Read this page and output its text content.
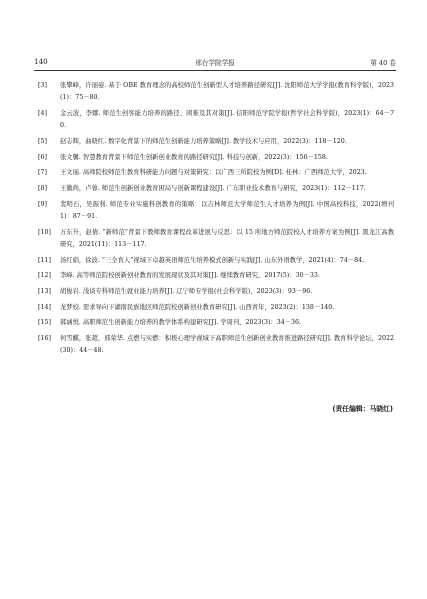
140	邢台学院学报	第 40 卷
[3] 张攀峰，许丽姿. 基于 OBE 教育理念的高校师范生创新型人才培养路径研究[J]. 沈阳师范大学学报(教育科学版)，2023(1)：75－80.
[4] 金云波，李娜. 师范生创客能力培养的路径、困难及其对策[J]. 信阳师范学院学报(哲学社会科学版)，2023(1)：64－70.
[5] 赵志辉，曲晓红. 数字化背景下的师范生创新能力培养策略[J]. 教学技术与应用，2022(3)：118－120.
[6] 张文馨. 智慧教育背景下师范生创新创业教育的路径研究[J]. 科技与创新，2022(3)：156－158.
[7] 王文丽. 高师院校师范生教育科研能力问题与对策研究：以广西三所院校为例[D]. 桂林：广西师范大学，2023.
[8] 王徽尚，卢蓉. 师范生创新创业教育困局与创新课程建设[J]. 广东职业技术教育与研究，2023(1)：112－117.
[9] 裴明石，吴振利. 师范专业实施科创教育的策略：以吉林师范大学师范生人才培养为例[J]. 中国高校科技，2022(增刊 1)：87－91.
[10] 万东升，赵倩. “新师范”背景下教师教育课程改革进展与反思：以 15 所地方师范院校人才培养方案为例[J]. 黑龙江高教研究，2021(11)：113－117.
[11] 汤红娟，徐波. “三全育人”视域下卓越英语师范生培养模式创新与实践[J]. 山东外语教学，2021(4)：74－84.
[12] 李峰. 高等师范院校创新创业教育的发展现状及其对策[J]. 继续教育研究，2017(5)：30－33.
[13] 胡俊岩. 浅谈专科师范生就业能力培养[J]. 辽宁师专学报(社会科学版)，2023(3)：93－96.
[14] 龙梦姣. 需求导向下湖南民族地区师范院校创新创业教育研究[J]. 山西青年，2023(2)：138－140.
[15] 郝涵悦. 高职师范生创新能力培养的教学体系构建研究[J]. 学周刊，2023(3)：34－36.
[16] 何雪麒，张超，邢荣华. 点燃与实燃：积极心理学视域下高职师范生创新创业教育推进路径研究[J]. 教育科学论坛，2022(30)：44－48.
(责任编辑：马晓红)
